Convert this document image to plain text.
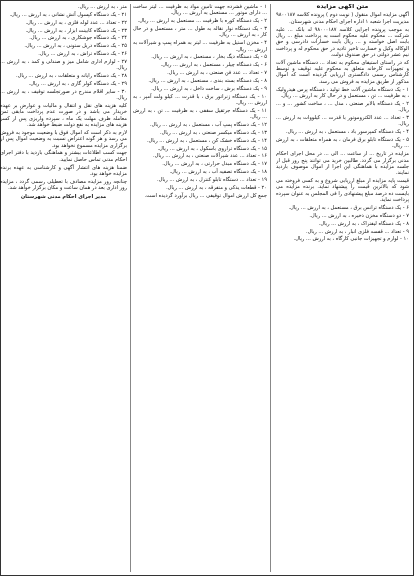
متن آگهی مزایده

آگهی مزایده اموال منقول ( نوبت دوم ) پرونده کلاسه ۹۸۰۰۱۸۷ مدیریت اجرا شعبه ۱ اداره اجرای احکام مدنی شهرستان.

به موجب پرونده اجرایی کلاسه ۹۸۰۰۰۱۸۷ له بانک ... علیه شرکت ... محکوم علیه محکوم است به پرداخت مبلغ ... ریال بابت اصل خواسته و ... ریال بابت خسارات دادرسی و حق الوکاله وکیل و خسارت تاخیر تادیه در حق محکوم له و پرداخت نیم عشر دولتی در حق صندوق دولت.

که در راستای استیفای محکوم به تعداد ... دستگاه ماشین آلات و تجهیزات کارخانه متعلق به محکوم علیه توقیف و توسط کارشناس رسمی دادگستری ارزیابی گردیده است که اموال مذکور از طریق مزایده به فروش می رسد.

۱ - یک دستگاه ماشین آلات خط تولید ، دستگاه پرس هیدرولیک ، به ظرفیت ... تن ، مستعمل و در حال کار به ارزش ... ریال.

۲ - یک دستگاه بالابر صنعتی ، مدل ... ، ساخت کشور ... و ... ریال.

۳ - تعداد ... عدد الکتروموتور با قدرت ... کیلووات به ارزش ... ریال.

۴ - یک دستگاه کمپرسور باد ، مستعمل ، به ارزش ... ریال.

۵ - یک دستگاه تابلو برق فرمان ، به همراه متعلقات ، به ارزش ... ریال.

مزایده در تاریخ ... از ساعت ... الی ... در محل اجرای احکام مدنی برگزار می گردد. طالبین خرید می توانند پنج روز قبل از جلسه مزایده با هماهنگی این اجرا از اموال موصوف بازدید نمایند.

قیمت پایه مزایده از مبلغ ارزیابی شروع و به کسی فروخته می شود که بالاترین قیمت را پیشنهاد نماید. برنده مزایده می بایست ده درصد مبلغ پیشنهادی را فی المجلس به عنوان سپرده پرداخت نماید.

۶ - یک دستگاه ترانس برق ، مستعمل ، به ارزش ... ریال.

۷ - دو دستگاه مخزن ذخیره ، به ارزش ... ریال.

۸ - یک دستگاه لیفتراک ، به ارزش ... ریال.

۹ - تعداد ... قفسه فلزی انبار ، به ارزش ... ریال.

۱۰ - لوازم و تجهیزات جانبی کارگاه ، به ارزش ... ریال.

۱ - ماشین فشرده جهت تامین مواد به ظرفیت ... لیتر ساخت ... دارای موتور ... مستعمل به ارزش ... ریال.

۲ - یک دستگاه کوره با ظرفیت ... مستعمل به ارزش ... ریال.

۳ - یک دستگاه نوار نقاله به طول ... متر ، مستعمل و در حال کار ، به ارزش ... ریال.

۴ - مخزن استیل به ظرفیت ... لیتر به همراه پمپ و شیرآلات به ارزش ... ریال.

۵ - یک دستگاه دیگ بخار ، مستعمل ، به ارزش ... ریال.

۶ - یک دستگاه چیلر ، مستعمل ، به ارزش ... ریال.

۷ - تعداد ... عدد فن صنعتی ، به ارزش ... ریال.

۸ - یک دستگاه بسته بندی ، مستعمل ، به ارزش ... ریال.

۹ - یک دستگاه برش ، ساخت داخل ، به ارزش ... ریال.

۱۰ - یک دستگاه ژنراتور برق ، با قدرت ... کیلو ولت آمپر ، به ارزش ... ریال.

۱۱ - یک دستگاه جرثقیل سقفی ، به ظرفیت ... تن ، به ارزش ... ریال.

۱۲ - یک دستگاه پمپ آب ، مستعمل ، به ارزش ... ریال.

۱۳ - یک دستگاه میکسر صنعتی ، به ارزش ... ریال.

۱۴ - یک دستگاه خشک کن ، مستعمل ، به ارزش ... ریال.

۱۵ - یک دستگاه ترازوی باسکول ، به ارزش ... ریال.

۱۶ - تعداد ... عدد شیرآلات صنعتی ، به ارزش ... ریال.

۱۷ - یک دستگاه مبدل حرارتی ، به ارزش ... ریال.

۱۸ - یک دستگاه تصفیه آب ، به ارزش ... ریال.

۱۹ - تعداد ... دستگاه تابلو کنترل ، به ارزش ... ریال.

۲۰ - قطعات یدکی و متفرقه ، به ارزش ... ریال.

جمع کل ارزش اموال توقیفی ... ریال برآورد گردیده است.

متر ، به ارزش ... ریال.

۲۱ - یک دستگاه کپسول آتش نشانی ، به ارزش ... ریال.

۲۲ - تعداد ... عدد لوله فلزی ، به ارزش ... ریال.

۲۳ - یک دستگاه کابینت ابزار ، به ارزش ... ریال.

۲۴ - یک دستگاه جوشکاری ، به ارزش ... ریال.

۲۵ - یک دستگاه دریل ستونی ، به ارزش ... ریال.

۲۶ - یک دستگاه تراش ، به ارزش ... ریال.

۲۷ - لوازم اداری شامل میز و صندلی و کمد ، به ارزش ... ریال.

۲۸ - یک دستگاه رایانه و متعلقات ، به ارزش ... ریال.

۲۹ - یک دستگاه کولر گازی ، به ارزش ... ریال.

۳۰ - سایر اقلام مندرج در صورتجلسه توقیف ، به ارزش ... ریال.

کلیه هزینه های نقل و انتقال و مالیات و عوارض بر عهده خریدار می باشد و در صورت عدم پرداخت مابقی ثمن معامله ظرف مهلت یک ماه ، سپرده واریزی پس از کسر هزینه های مزایده به نفع دولت ضبط خواهد شد.

لازم به ذکر است که اموال فوق با وضعیت موجود به فروش می رسد و هر گونه اعتراض نسبت به وضعیت اموال پس از برگزاری مزایده مسموع نخواهد بود.

جهت کسب اطلاعات بیشتر و هماهنگی بازدید با دفتر اجرای احکام مدنی تماس حاصل نمایید.

ضمنا هزینه های انتشار آگهی و کارشناسی به عهده برنده مزایده خواهد بود.

چنانچه روز مزایده مصادف با تعطیلی رسمی گردد ، مزایده روز اداری بعد در همان ساعت و مکان برگزار خواهد شد.

مدیر اجرای احکام مدنی شهرستان
